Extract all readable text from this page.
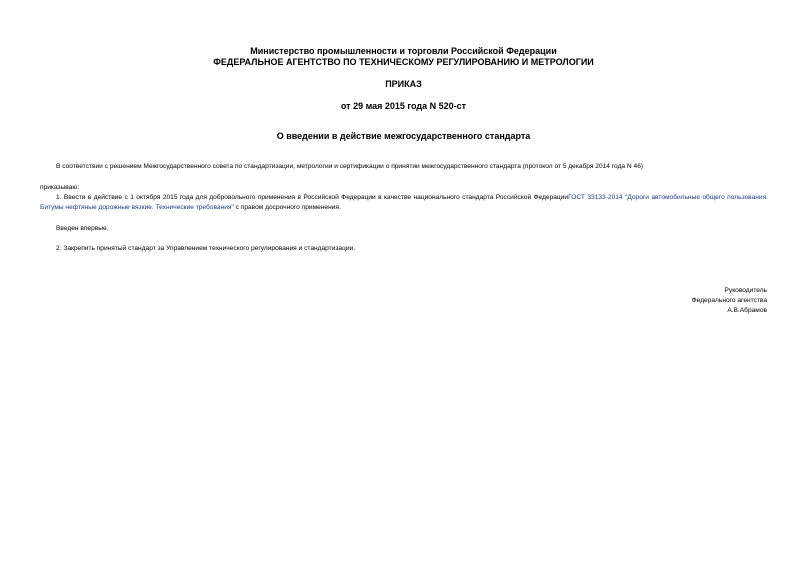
Министерство промышленности и торговли Российской Федерации
ФЕДЕРАЛЬНОЕ АГЕНТСТВО ПО ТЕХНИЧЕСКОМУ РЕГУЛИРОВАНИЮ И МЕТРОЛОГИИ
ПРИКАЗ
от 29 мая 2015 года N 520-ст
О введении в действие межгосударственного стандарта
В соответствии с решением Межгосударственного совета по стандартизации, метрологии и сертификации о принятии межгосударственного стандарта (протокол от 5 декабря 2014 года N 46)
приказываю:
1. Ввести в действие с 1 октября 2015 года для добровольного применения в Российской Федерации в качестве национального стандарта Российской ФедерацииГОСТ 33133-2014 "Дороги автомобильные общего пользования. Битумы нефтяные дорожные вязкие. Технические требования" с правом досрочного применения.
Введен впервые.
2. Закрепить принятый стандарт за Управлением технического регулирования и стандартизации.
Руководитель
Федерального агентства
А.В.Абрамов
